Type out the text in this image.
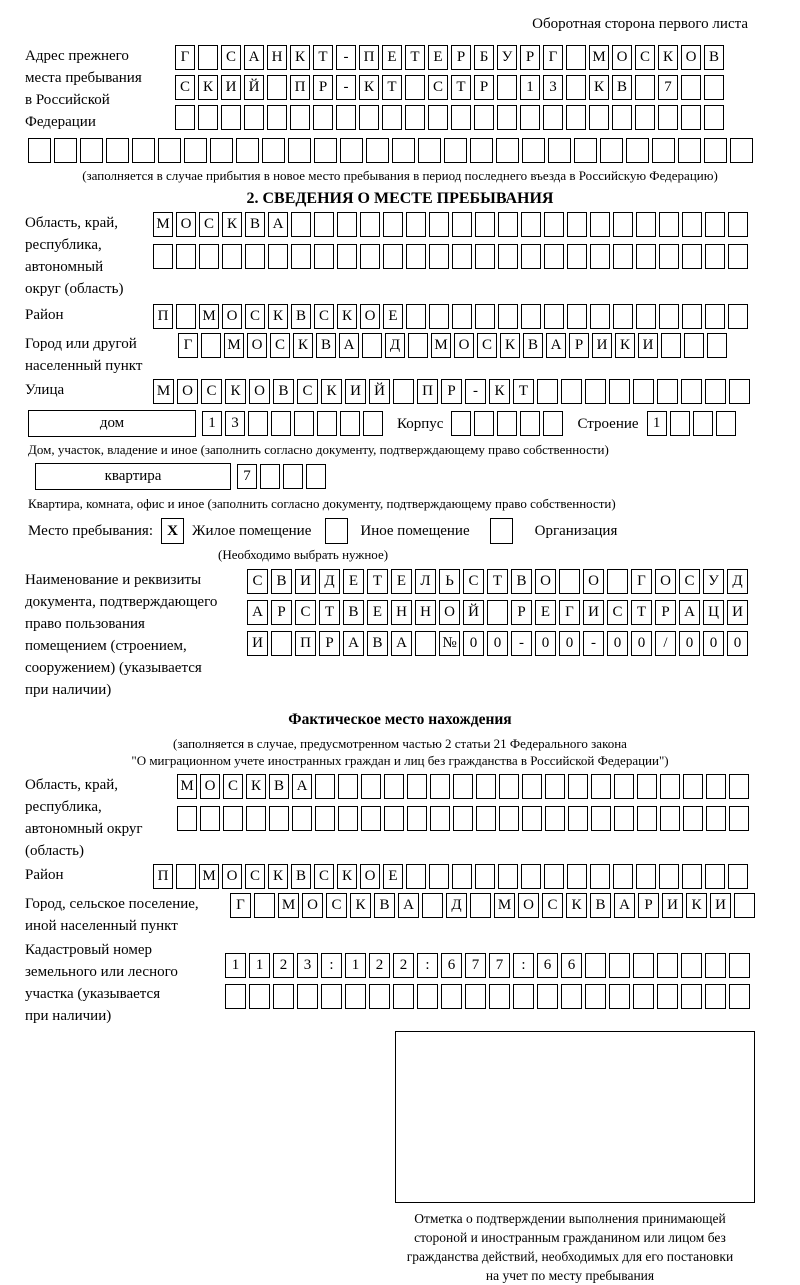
Оборотная сторона первого листа
Адрес прежнего
места пребывания
в Российской
Федерации
Г	С А Н К Т	-	П Е Т Е Р Б У Р Г	М О С К О В
С К И Й	П Р	-	К Т	С Т Р	1	3	К В	7
(заполняется в случае прибытия в новое место пребывания в период последнего въезда в Российскую Федерацию)
2. СВЕДЕНИЯ О МЕСТЕ ПРЕБЫВАНИЯ
Область, край,
республика,
автономный
округ (область)
М О С К В А
Район	П	М О С К В С К О Е
Город или другой
населенный пункт
Г	М О С К В А	Д	М О С К В А Р И К И
Улица	М О С К О В С К И Й	П Р	-	К Т
дом	1	3	Корпус	Строение 1
Дом, участок, владение и иное (заполнить согласно документу, подтверждающему право собственности)
квартира	7
Квартира, комната, офис и иное (заполнить согласно документу, подтверждающему право собственности)
Место пребывания: X Жилое помещение	Иное помещение	Организация
(Необходимо выбрать нужное)
Наименование и реквизиты
документа, подтверждающего
право пользования
помещением (строением,
сооружением) (указывается
при наличии)
С В И Д Е Т Е Л Ь С Т В О	О	Г О С У Д
А Р С Т В Е Н Н О Й	Р	Е	Г И С Т	Р А Ц И
И	П Р А В А	№ 0	0	-	0	0	-	0	0	/	0	0	0
Фактическое место нахождения
(заполняется в случае, предусмотренном частью 2 статьи 21 Федерального закона
"О миграционном учете иностранных граждан и лиц без гражданства в Российской Федерации")
Область, край,
республика,
автономный округ
(область)
М О С К В А
Район	П	М О С К В С К О Е
Город, сельское поселение,
иной населенный пункт
Г	М О С К В А	Д	М О С К В А Р И К И
Кадастровый номер
земельного или лесного
участка (указывается
при наличии)
1	1	2	3	:	1	2	2	:	6	7	7	:	6	6
Отметка о подтверждении выполнения принимающей
стороной и иностранным гражданином или лицом без
гражданства действий, необходимых для его постановки
на учет по месту пребывания
